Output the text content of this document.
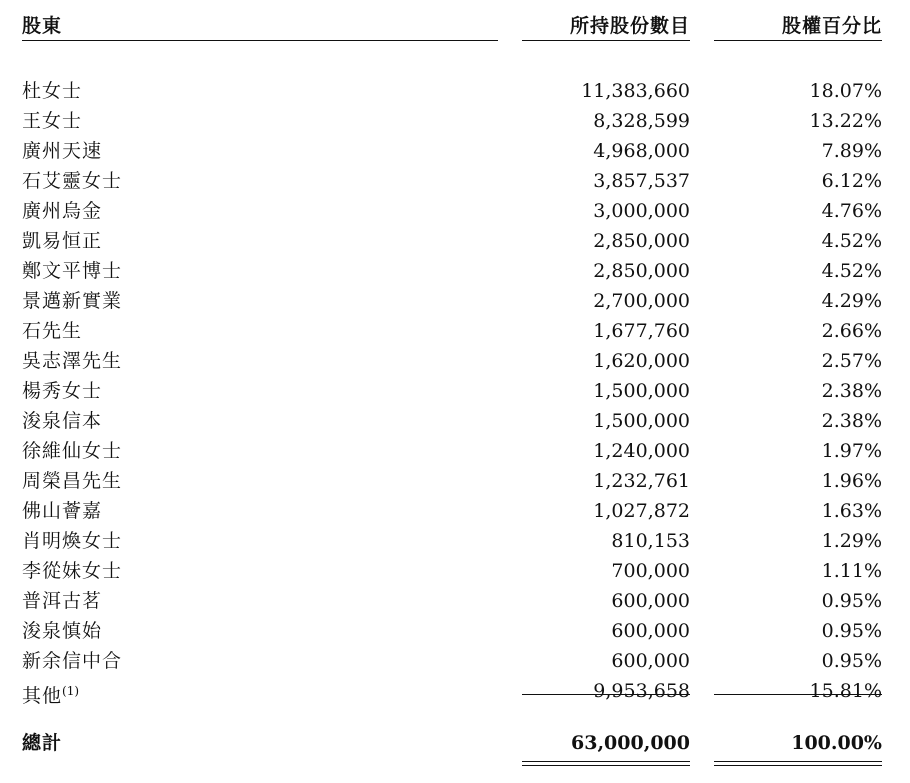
股東	所持股份數目	股權百分比
杜女士	11,383,660	18.07%
王女士	8,328,599	13.22%
廣州天速	4,968,000	7.89%
石艾靈女士	3,857,537	6.12%
廣州烏金	3,000,000	4.76%
凱易恒正	2,850,000	4.52%
鄭文平博士	2,850,000	4.52%
景邁新實業	2,700,000	4.29%
石先生	1,677,760	2.66%
吳志澤先生	1,620,000	2.57%
楊秀女士	1,500,000	2.38%
浚泉信本	1,500,000	2.38%
徐維仙女士	1,240,000	1.97%
周榮昌先生	1,232,761	1.96%
佛山薈嘉	1,027,872	1.63%
肖明煥女士	810,153	1.29%
李從妹女士	700,000	1.11%
普洱古茗	600,000	0.95%
浚泉慎始	600,000	0.95%
新余信中合	600,000	0.95%
其他$^{(1)}$	9,953,658	15.81%
總計	63,000,000	100.00%
